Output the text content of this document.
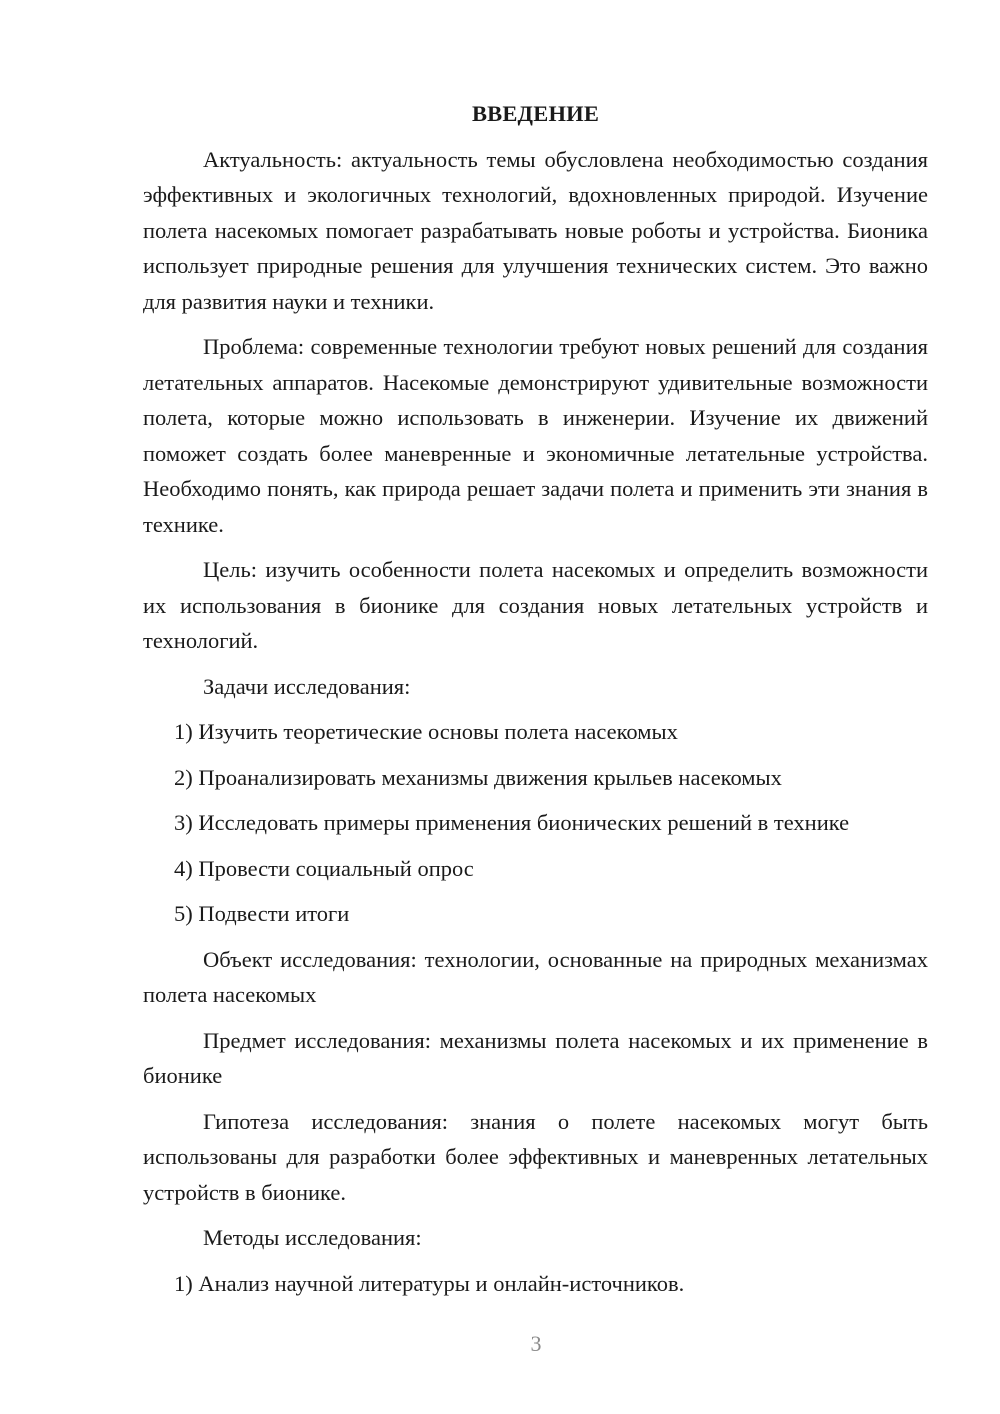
ВВЕДЕНИЕ

Актуальность: актуальность темы обусловлена необходимостью создания эффективных и экологичных технологий, вдохновленных природой. Изучение полета насекомых помогает разрабатывать новые роботы и устройства. Бионика использует природные решения для улучшения технических систем. Это важно для развития науки и техники.

Проблема: современные технологии требуют новых решений для создания летательных аппаратов. Насекомые демонстрируют удивительные возможности полета, которые можно использовать в инженерии. Изучение их движений поможет создать более маневренные и экономичные летательные устройства. Необходимо понять, как природа решает задачи полета и применить эти знания в технике.

Цель: изучить особенности полета насекомых и определить возможности их использования в бионике для создания новых летательных устройств и технологий.

Задачи исследования:

1) Изучить теоретические основы полета насекомых

2) Проанализировать механизмы движения крыльев насекомых

3) Исследовать примеры применения бионических решений в технике

4) Провести социальный опрос

5) Подвести итоги

Объект исследования: технологии, основанные на природных механизмах полета насекомых

Предмет исследования: механизмы полета насекомых и их применение в бионике

Гипотеза исследования: знания о полете насекомых могут быть использованы для разработки более эффективных и маневренных летательных устройств в бионике.

Методы исследования:

1) Анализ научной литературы и онлайн-источников.

3
